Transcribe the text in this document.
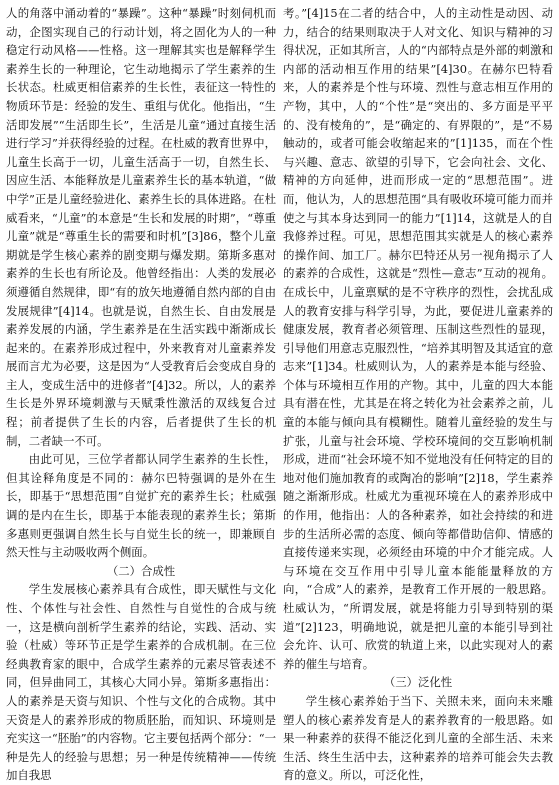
人的角落中涌动着的“暴躁”。这种“暴躁”时刻伺机而动，企图实现自己的行动计划，将之固化为人的一种稳定行动风格——性格。这一理解其实也是解释学生素养生长的一种理论，它生动地揭示了学生素养的生长状态。杜威更相信素养的生长性，表征这一特性的物质环节是：经验的发生、重组与优化。他指出，“生活即发展”“生活即生长”，生活是儿童“通过直接生活进行学习”并获得经验的过程。在杜威的教育世界中，儿童生长高于一切，儿童生活高于一切，自然生长、因应生活、本能释放是儿童素养生长的基本轨道，“做中学”正是儿童经验进化、素养生长的具体进路。在杜威看来，“儿童”的本意是“生长和发展的时期”，“尊重儿童”就是“尊重生长的需要和时机”[3]86，整个儿童期就是学生核心素养的剧变期与爆发期。第斯多惠对素养的生长也有所论及。他曾经指出：人类的发展必须遵循自然规律，即“有的放矢地遵循自然内部的自由发展规律”[4]14。也就是说，自然生长、自由发展是素养发展的内涵，学生素养是在生活实践中渐渐成长起来的。在素养形成过程中，外来教育对儿童素养发展而言尤为必要，这是因为“人受教育后会变成自身的主人，变成生活中的进修者”[4]32。所以，人的素养生长是外界环境刺激与天赋秉性激活的双线复合过程；前者提供了生长的内容，后者提供了生长的机制，二者缺一不可。

由此可见，三位学者都认同学生素养的生长性，但其诠释角度是不同的：赫尔巴特强调的是外在生长，即基于“思想范围”自觉扩充的素养生长；杜威强调的是内在生长，即基于本能表现的素养生长；第斯多惠则更强调自然生长与自觉生长的统一，即兼顾自然天性与主动吸收两个侧面。

（二）合成性

学生发展核心素养具有合成性，即天赋性与文化性、个体性与社会性、自然性与自觉性的合成与统一，这是横向剖析学生素养的结论，实践、活动、实验（杜威）等环节正是学生素养的合成机制。在三位经典教育家的眼中，合成学生素养的元素尽管表述不同，但异曲同工，其核心大同小异。第斯多惠指出：人的素养是天资与知识、个性与文化的合成物。其中天资是人的素养形成的物质胚胎，而知识、环境则是充实这一“胚胎”的内容物。它主要包括两个部分：“一种是先人的经验与思想；另一种是传统精神——传统加自我思

考。”[4]15在二者的结合中，人的主动性是动因、动力，结合的结果则取决于人对文化、知识与精神的习得状况，正如其所言，人的“内部特点是外部的刺激和内部的活动相互作用的结果”[4]30。在赫尔巴特看来，人的素养是个性与环境、烈性与意志相互作用的产物，其中，人的“个性”是“突出的、多方面是平平的、没有棱角的”，是“确定的、有界限的”，是“不易触动的，或者可能会收缩起来的”[1]135，而在个性与兴趣、意志、欲望的引导下，它会向社会、文化、精神的方向延伸，进而形成一定的“思想范围”。进而，他认为，人的思想范围“具有吸收环境可能力而并使之与其本身达到同一的能力”[1]14，这就是人的自我修养过程。可见，思想范围其实就是人的核心素养的操作间、加工厂。赫尔巴特还从另一视角揭示了人的素养的合成性，这就是“烈性—意志”互动的视角。在成长中，儿童禀赋的是不守秩序的烈性，会扰乱成人的教育安排与科学引导，为此，要促进儿童素养的健康发展，教育者必须管理、压制这些烈性的显现，引导他们用意志克服烈性，“培养其明智及其适宜的意志来”[1]34。杜威则认为，人的素养是本能与经验、个体与环境相互作用的产物。其中，儿童的四大本能具有潜在性，尤其是在将之转化为社会素养之前，儿童的本能与倾向具有模糊性。随着儿童经验的发生与扩张，儿童与社会环境、学校环境间的交互影响机制形成，进而“社会环境不知不觉地没有任何特定的目的地对他们施加教育的或陶冶的影响”[2]18，学生素养随之渐渐形成。杜威尤为重视环境在人的素养形成中的作用，他指出：人的各种素养，如社会持续的和进步的生活所必需的态度、倾向等都借助信仰、情感的直接传递来实现，必须经由环境的中介才能完成。人与环境在交互作用中引导儿童本能能量释放的方向，“合成”人的素养，是教育工作开展的一般思路。杜威认为，“所谓发展，就是将能力引导到特别的渠道”[2]123，明确地说，就是把儿童的本能引导到社会允许、认可、欣赏的轨道上来，以此实现对人的素养的催生与培育。

（三）泛化性

学生核心素养始于当下、关照未来，面向未来雕塑人的核心素养发育是人的素养教育的一般思路。如果一种素养的获得不能泛化到儿童的全部生活、未来生活、终生生活中去，这种素养的培养可能会失去教育的意义。所以，可泛化性，
